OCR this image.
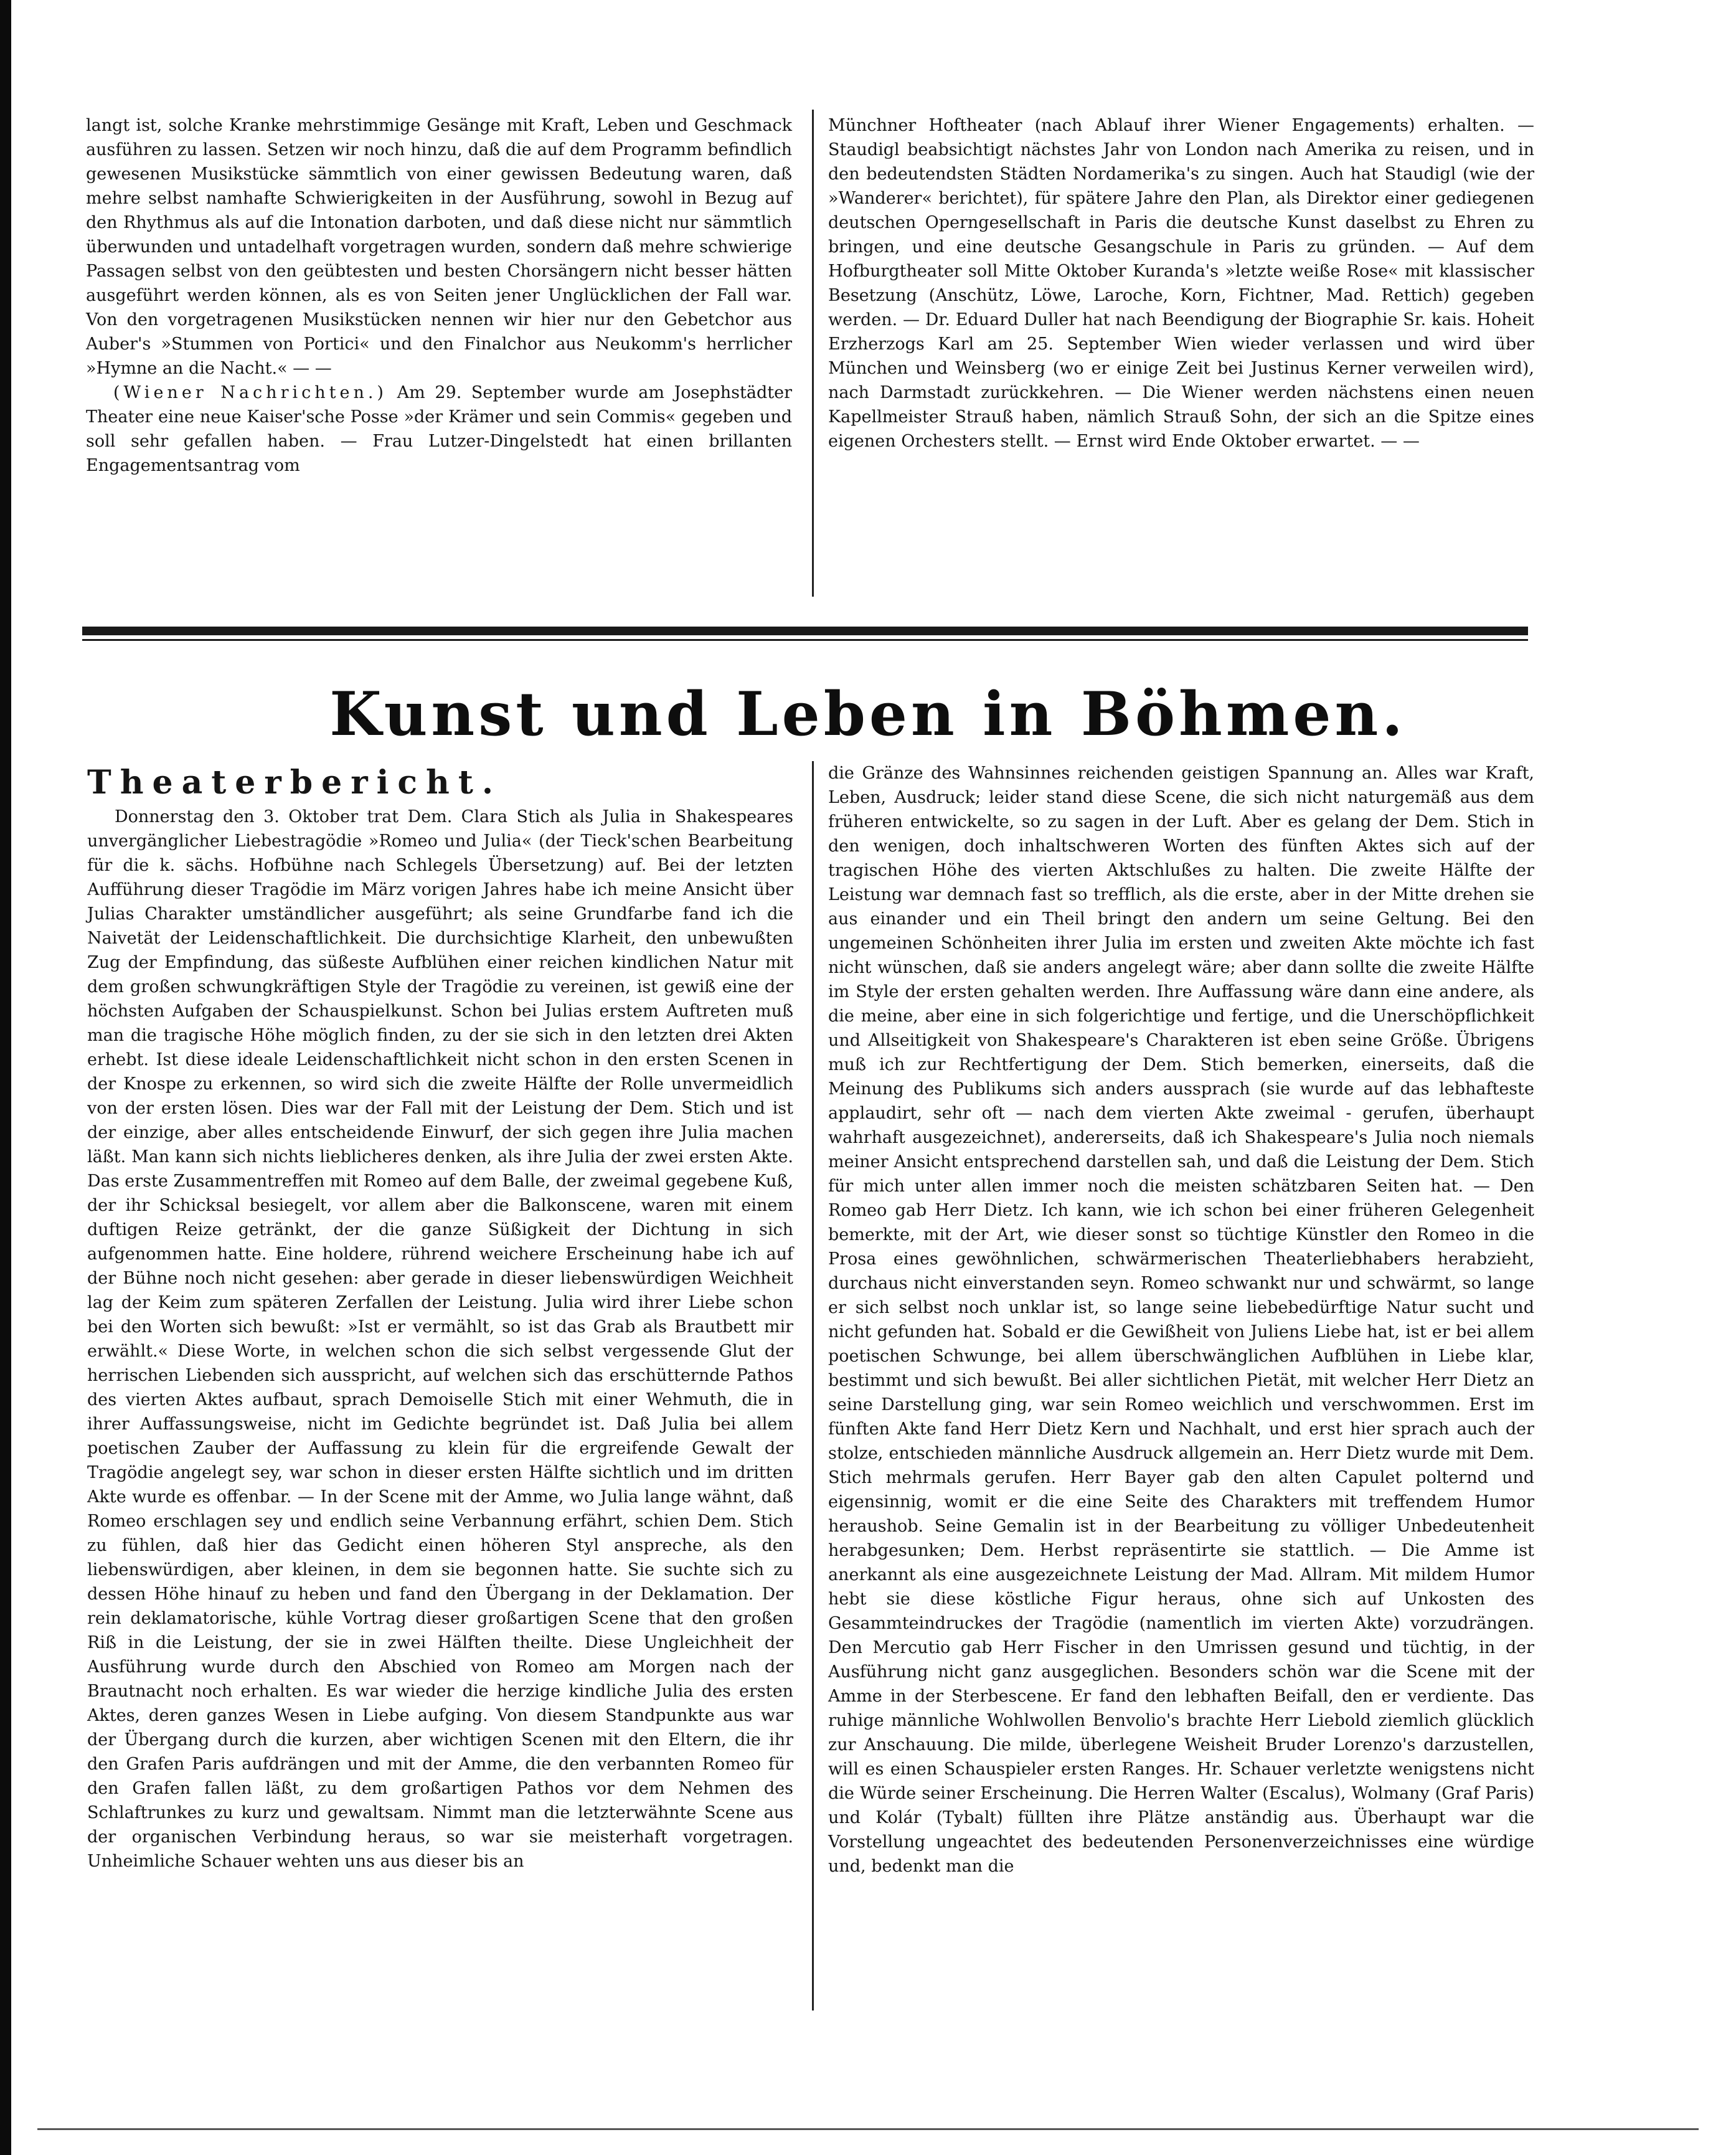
langt ist, solche Kranke mehrstimmige Gesänge mit Kraft, Leben und Geschmack ausführen zu lassen. Setzen wir noch hinzu, daß die auf dem Programm befindlich gewesenen Musikstücke sämmtlich von einer gewissen Bedeutung waren, daß mehre selbst namhafte Schwierigkeiten in der Ausführung, sowohl in Bezug auf den Rhythmus als auf die Intonation darboten, und daß diese nicht nur sämmtlich überwunden und untadelhaft vorgetragen wurden, sondern daß mehre schwierige Passagen selbst von den geübtesten und besten Chorsängern nicht besser hätten ausgeführt werden können, als es von Seiten jener Unglücklichen der Fall war. Von den vorgetragenen Musikstücken nennen wir hier nur den Gebetchor aus Auber's »Stummen von Portici« und den Finalchor aus Neukomm's herrlicher »Hymne an die Nacht.« — —

(Wiener Nachrichten.) Am 29. September wurde am Josephstädter Theater eine neue Kaiser'sche Posse »der Krämer und sein Commis« gegeben und soll sehr gefallen haben. — Frau Lutzer-Dingelstedt hat einen brillanten Engagementsantrag vom

Münchner Hoftheater (nach Ablauf ihrer Wiener Engagements) erhalten. — Staudigl beabsichtigt nächstes Jahr von London nach Amerika zu reisen, und in den bedeutendsten Städten Nordamerika's zu singen. Auch hat Staudigl (wie der »Wanderer« berichtet), für spätere Jahre den Plan, als Direktor einer gediegenen deutschen Operngesellschaft in Paris die deutsche Kunst daselbst zu Ehren zu bringen, und eine deutsche Gesangschule in Paris zu gründen. — Auf dem Hofburgtheater soll Mitte Oktober Kuranda's »letzte weiße Rose« mit klassischer Besetzung (Anschütz, Löwe, Laroche, Korn, Fichtner, Mad. Rettich) gegeben werden. — Dr. Eduard Duller hat nach Beendigung der Biographie Sr. kais. Hoheit Erzherzogs Karl am 25. September Wien wieder verlassen und wird über München und Weinsberg (wo er einige Zeit bei Justinus Kerner verweilen wird), nach Darmstadt zurückkehren. — Die Wiener werden nächstens einen neuen Kapellmeister Strauß haben, nämlich Strauß Sohn, der sich an die Spitze eines eigenen Orchesters stellt. — Ernst wird Ende Oktober erwartet. — —

Kunst und Leben in Böhmen.

Theaterbericht.

Donnerstag den 3. Oktober trat Dem. Clara Stich als Julia in Shakespeares unvergänglicher Liebestragödie »Romeo und Julia« (der Tieck'schen Bearbeitung für die k. sächs. Hofbühne nach Schlegels Übersetzung) auf. Bei der letzten Aufführung dieser Tragödie im März vorigen Jahres habe ich meine Ansicht über Julias Charakter umständlicher ausgeführt; als seine Grundfarbe fand ich die Naivetät der Leidenschaftlichkeit. Die durchsichtige Klarheit, den unbewußten Zug der Empfindung, das süßeste Aufblühen einer reichen kindlichen Natur mit dem großen schwungkräftigen Style der Tragödie zu vereinen, ist gewiß eine der höchsten Aufgaben der Schauspielkunst. Schon bei Julias erstem Auftreten muß man die tragische Höhe möglich finden, zu der sie sich in den letzten drei Akten erhebt. Ist diese ideale Leidenschaftlichkeit nicht schon in den ersten Scenen in der Knospe zu erkennen, so wird sich die zweite Hälfte der Rolle unvermeidlich von der ersten lösen. Dies war der Fall mit der Leistung der Dem. Stich und ist der einzige, aber alles entscheidende Einwurf, der sich gegen ihre Julia machen läßt. Man kann sich nichts lieblicheres denken, als ihre Julia der zwei ersten Akte. Das erste Zusammentreffen mit Romeo auf dem Balle, der zweimal gegebene Kuß, der ihr Schicksal besiegelt, vor allem aber die Balkonscene, waren mit einem duftigen Reize getränkt, der die ganze Süßigkeit der Dichtung in sich aufgenommen hatte. Eine holdere, rührend weichere Erscheinung habe ich auf der Bühne noch nicht gesehen: aber gerade in dieser liebenswürdigen Weichheit lag der Keim zum späteren Zerfallen der Leistung. Julia wird ihrer Liebe schon bei den Worten sich bewußt: »Ist er vermählt, so ist das Grab als Brautbett mir erwählt.« Diese Worte, in welchen schon die sich selbst vergessende Glut der herrischen Liebenden sich ausspricht, auf welchen sich das erschütternde Pathos des vierten Aktes aufbaut, sprach Demoiselle Stich mit einer Wehmuth, die in ihrer Auffassungsweise, nicht im Gedichte begründet ist. Daß Julia bei allem poetischen Zauber der Auffassung zu klein für die ergreifende Gewalt der Tragödie angelegt sey, war schon in dieser ersten Hälfte sichtlich und im dritten Akte wurde es offenbar. — In der Scene mit der Amme, wo Julia lange wähnt, daß Romeo erschlagen sey und endlich seine Verbannung erfährt, schien Dem. Stich zu fühlen, daß hier das Gedicht einen höheren Styl anspreche, als den liebenswürdigen, aber kleinen, in dem sie begonnen hatte. Sie suchte sich zu dessen Höhe hinauf zu heben und fand den Übergang in der Deklamation. Der rein deklamatorische, kühle Vortrag dieser großartigen Scene that den großen Riß in die Leistung, der sie in zwei Hälften theilte. Diese Ungleichheit der Ausführung wurde durch den Abschied von Romeo am Morgen nach der Brautnacht noch erhalten. Es war wieder die herzige kindliche Julia des ersten Aktes, deren ganzes Wesen in Liebe aufging. Von diesem Standpunkte aus war der Übergang durch die kurzen, aber wichtigen Scenen mit den Eltern, die ihr den Grafen Paris aufdrängen und mit der Amme, die den verbannten Romeo für den Grafen fallen läßt, zu dem großartigen Pathos vor dem Nehmen des Schlaftrunkes zu kurz und gewaltsam. Nimmt man die letzterwähnte Scene aus der organischen Verbindung heraus, so war sie meisterhaft vorgetragen. Unheimliche Schauer wehten uns aus dieser bis an

die Gränze des Wahnsinnes reichenden geistigen Spannung an. Alles war Kraft, Leben, Ausdruck; leider stand diese Scene, die sich nicht naturgemäß aus dem früheren entwickelte, so zu sagen in der Luft. Aber es gelang der Dem. Stich in den wenigen, doch inhaltschweren Worten des fünften Aktes sich auf der tragischen Höhe des vierten Aktschlußes zu halten. Die zweite Hälfte der Leistung war demnach fast so trefflich, als die erste, aber in der Mitte drehen sie aus einander und ein Theil bringt den andern um seine Geltung. Bei den ungemeinen Schönheiten ihrer Julia im ersten und zweiten Akte möchte ich fast nicht wünschen, daß sie anders angelegt wäre; aber dann sollte die zweite Hälfte im Style der ersten gehalten werden. Ihre Auffassung wäre dann eine andere, als die meine, aber eine in sich folgerichtige und fertige, und die Unerschöpflichkeit und Allseitigkeit von Shakespeare's Charakteren ist eben seine Größe. Übrigens muß ich zur Rechtfertigung der Dem. Stich bemerken, einerseits, daß die Meinung des Publikums sich anders aussprach (sie wurde auf das lebhafteste applaudirt, sehr oft — nach dem vierten Akte zweimal - gerufen, überhaupt wahrhaft ausgezeichnet), andererseits, daß ich Shakespeare's Julia noch niemals meiner Ansicht entsprechend darstellen sah, und daß die Leistung der Dem. Stich für mich unter allen immer noch die meisten schätzbaren Seiten hat. — Den Romeo gab Herr Dietz. Ich kann, wie ich schon bei einer früheren Gelegenheit bemerkte, mit der Art, wie dieser sonst so tüchtige Künstler den Romeo in die Prosa eines gewöhnlichen, schwärmerischen Theaterliebhabers herabzieht, durchaus nicht einverstanden seyn. Romeo schwankt nur und schwärmt, so lange er sich selbst noch unklar ist, so lange seine liebebedürftige Natur sucht und nicht gefunden hat. Sobald er die Gewißheit von Juliens Liebe hat, ist er bei allem poetischen Schwunge, bei allem überschwänglichen Aufblühen in Liebe klar, bestimmt und sich bewußt. Bei aller sichtlichen Pietät, mit welcher Herr Dietz an seine Darstellung ging, war sein Romeo weichlich und verschwommen. Erst im fünften Akte fand Herr Dietz Kern und Nachhalt, und erst hier sprach auch der stolze, entschieden männliche Ausdruck allgemein an. Herr Dietz wurde mit Dem. Stich mehrmals gerufen. Herr Bayer gab den alten Capulet polternd und eigensinnig, womit er die eine Seite des Charakters mit treffendem Humor heraushob. Seine Gemalin ist in der Bearbeitung zu völliger Unbedeutenheit herabgesunken; Dem. Herbst repräsentirte sie stattlich. — Die Amme ist anerkannt als eine ausgezeichnete Leistung der Mad. Allram. Mit mildem Humor hebt sie diese köstliche Figur heraus, ohne sich auf Unkosten des Gesammteindruckes der Tragödie (namentlich im vierten Akte) vorzudrängen. Den Mercutio gab Herr Fischer in den Umrissen gesund und tüchtig, in der Ausführung nicht ganz ausgeglichen. Besonders schön war die Scene mit der Amme in der Sterbescene. Er fand den lebhaften Beifall, den er verdiente. Das ruhige männliche Wohlwollen Benvolio's brachte Herr Liebold ziemlich glücklich zur Anschauung. Die milde, überlegene Weisheit Bruder Lorenzo's darzustellen, will es einen Schauspieler ersten Ranges. Hr. Schauer verletzte wenigstens nicht die Würde seiner Erscheinung. Die Herren Walter (Escalus), Wolmany (Graf Paris) und Kolár (Tybalt) füllten ihre Plätze anständig aus. Überhaupt war die Vorstellung ungeachtet des bedeutenden Personenverzeichnisses eine würdige und, bedenkt man die
